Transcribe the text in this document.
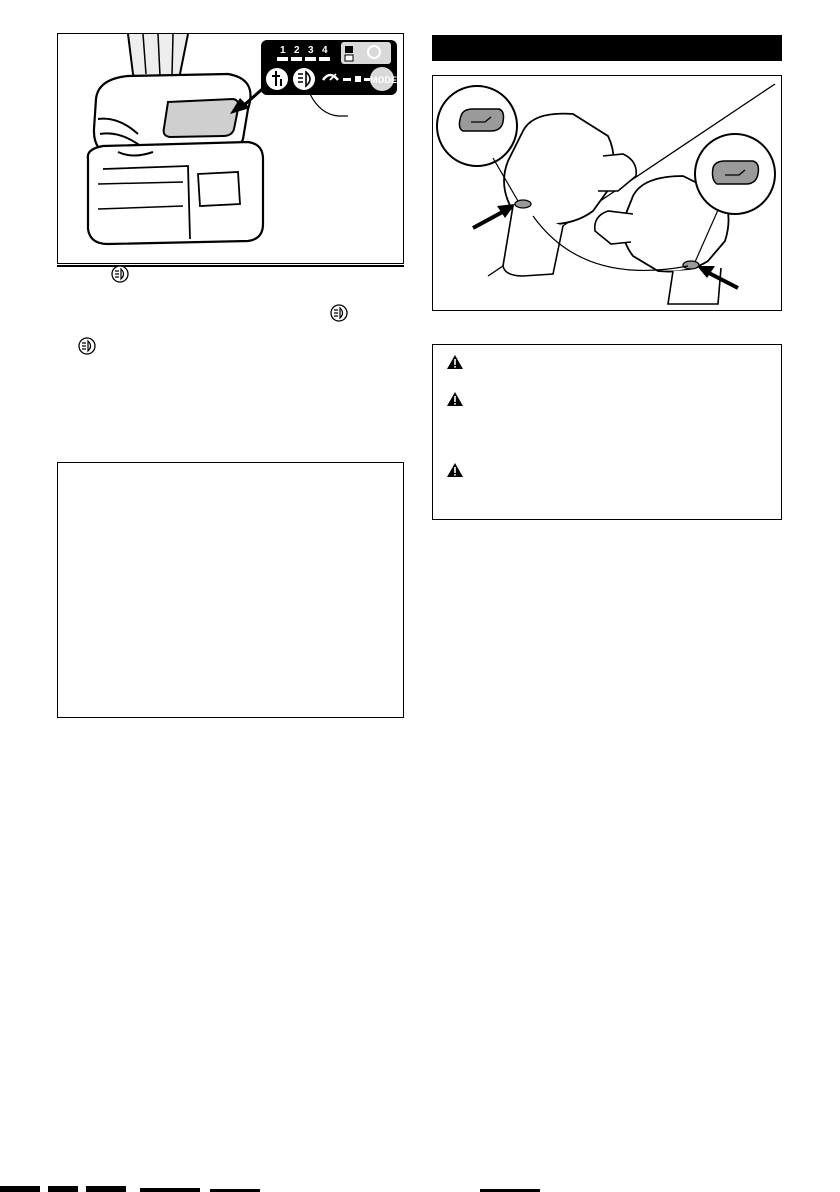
1 2 3 4
MODE
